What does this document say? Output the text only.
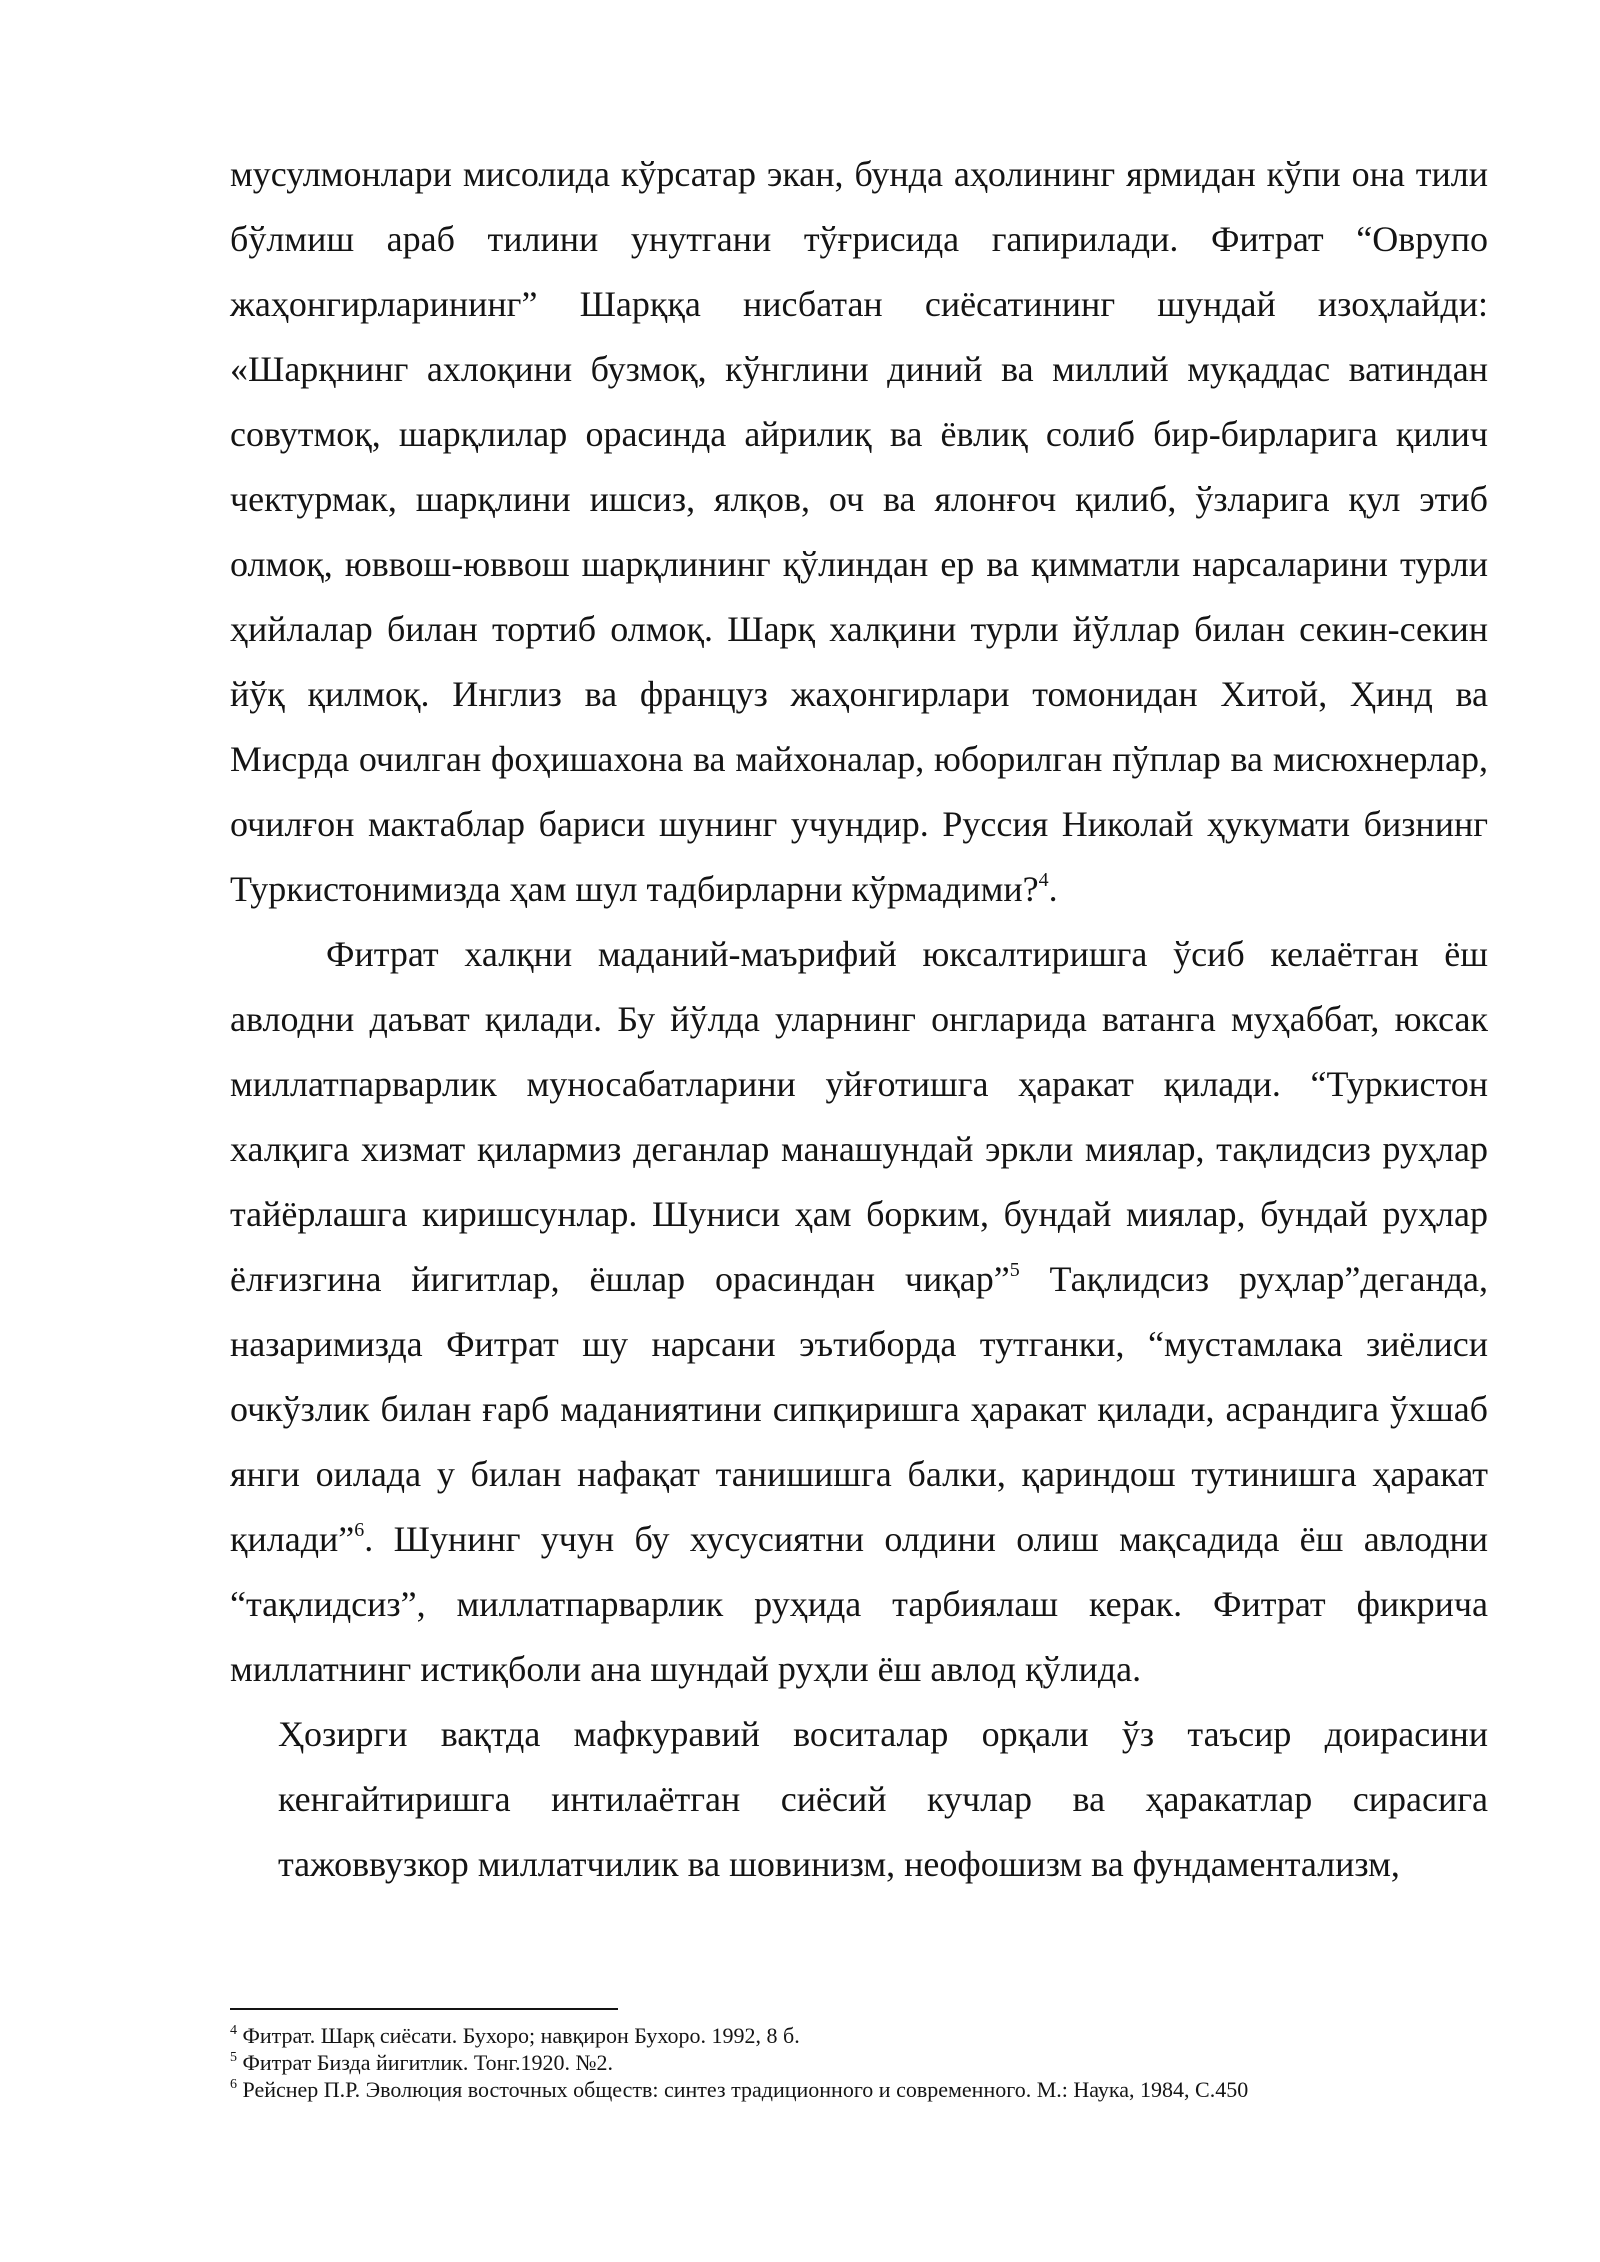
мусулмонлари мисолида кўрсатар экан, бунда аҳолининг ярмидан кўпи она тили бўлмиш араб тилини унутгани тўғрисида гапирилади. Фитрат “Оврупо жаҳонгирларининг” Шарққа нисбатан сиёсатининг шундай изоҳлайди: «Шарқнинг ахлоқини бузмоқ, кўнглини диний ва миллий муқаддас ватиндан совутмоқ, шарқлилар орасинда айрилиқ ва ёвлиқ солиб бир-бирларига қилич чектурмак, шарқлини ишсиз, ялқов, оч ва ялонғоч қилиб, ўзларига қул этиб олмоқ, юввош-юввош шарқлининг қўлиндан ер ва қимматли нарсаларини турли ҳийлалар билан тортиб олмоқ. Шарқ халқини турли йўллар билан секин-секин йўқ қилмоқ. Инглиз ва француз жаҳонгирлари томонидан Хитой, Ҳинд ва Мисрда очилган фоҳишахона ва майхоналар, юборилган пўплар ва мисюхнерлар, очилғон мактаблар бариси шунинг учундир. Руссия Николай ҳукумати бизнинг Туркистонимизда ҳам шул тадбирларни кўрмадими?$^4$.

Фитрат халқни маданий-маърифий юксалтиришга ўсиб келаётган ёш авлодни даъват қилади. Бу йўлда уларнинг онгларида ватанга муҳаббат, юксак миллатпарварлик муносабатларини уйғотишга ҳаракат қилади. “Туркистон халқига хизмат қилармиз деганлар манашундай эркли миялар, тақлидсиз руҳлар тайёрлашга киришсунлар. Шуниси ҳам борким, бундай миялар, бундай руҳлар ёлғизгина йигитлар, ёшлар орасиндан чиқар”$^5$ Тақлидсиз руҳлар”деганда, назаримизда Фитрат шу нарсани эътиборда тутганки, “мустамлака зиёлиси очкўзлик билан ғарб маданиятини сипқиришга ҳаракат қилади, асрандига ўхшаб янги оилада у билан нафақат танишишга балки, қариндош тутинишга ҳаракат қилади”$^6$. Шунинг учун бу хусусиятни олдини олиш мақсадида ёш авлодни “тақлидсиз”, миллатпарварлик руҳида тарбиялаш керак. Фитрат фикрича миллатнинг истиқболи ана шундай руҳли ёш авлод қўлида.

Ҳозирги вақтда мафкуравий воситалар орқали ўз таъсир доирасини кенгайтиришга интилаётган сиёсий кучлар ва ҳаракатлар сирасига тажоввузкор миллатчилик ва шовинизм, неофошизм ва фундаментализм,

$^4$ Фитрат. Шарқ сиёсати. Бухоро; навқирон Бухоро. 1992, 8 б.
$^5$ Фитрат Бизда йигитлик. Тонг.1920. №2.
$^6$ Рейснер П.Р. Эволюция восточных обществ: синтез традиционного и современного. М.: Наука, 1984, С.450
